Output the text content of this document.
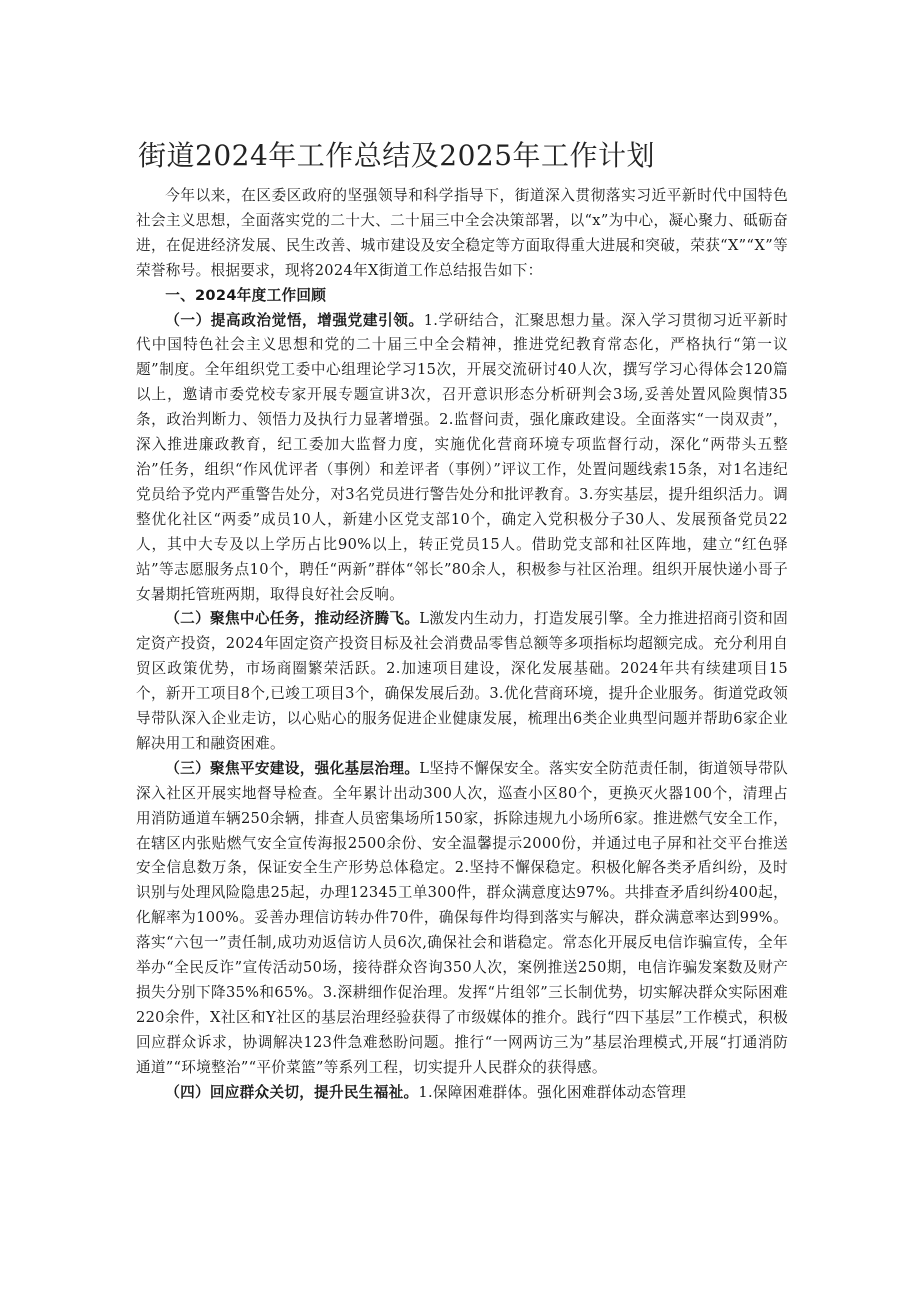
街道2024年工作总结及2025年工作计划

今年以来，在区委区政府的坚强领导和科学指导下，街道深入贯彻落实习近平新时代中国特色社会主义思想，全面落实党的二十大、二十届三中全会决策部署，以“x”为中心，凝心聚力、砥砺奋进，在促进经济发展、民生改善、城市建设及安全稳定等方面取得重大进展和突破，荣获“X”“X”等荣誉称号。根据要求，现将2024年X街道工作总结报告如下：

一、2024年度工作回顾

（一）提高政治觉悟，增强党建引领。1.学研结合，汇聚思想力量。深入学习贯彻习近平新时代中国特色社会主义思想和党的二十届三中全会精神，推进党纪教育常态化，严格执行“第一议题”制度。全年组织党工委中心组理论学习15次，开展交流研讨40人次，撰写学习心得体会120篇以上，邀请市委党校专家开展专题宣讲3次，召开意识形态分析研判会3场,妥善处置风险舆情35条，政治判断力、领悟力及执行力显著增强。2.监督问责，强化廉政建设。全面落实“一岗双责”，深入推进廉政教育，纪工委加大监督力度，实施优化营商环境专项监督行动，深化“两带头五整治”任务，组织“作风优评者（事例）和差评者（事例）”评议工作，处置问题线索15条，对1名违纪党员给予党内严重警告处分，对3名党员进行警告处分和批评教育。3.夯实基层，提升组织活力。调整优化社区“两委”成员10人，新建小区党支部10个，确定入党积极分子30人、发展预备党员22人，其中大专及以上学历占比90%以上，转正党员15人。借助党支部和社区阵地，建立“红色驿站”等志愿服务点10个，聘任“两新”群体“邻长”80余人，积极参与社区治理。组织开展快递小哥子女暑期托管班两期，取得良好社会反响。

（二）聚焦中心任务，推动经济腾飞。L激发内生动力，打造发展引擎。全力推进招商引资和固定资产投资，2024年固定资产投资目标及社会消费品零售总额等多项指标均超额完成。充分利用自贸区政策优势，市场商圈繁荣活跃。2.加速项目建设，深化发展基础。2024年共有续建项目15个，新开工项目8个,已竣工项目3个，确保发展后劲。3.优化营商环境，提升企业服务。街道党政领导带队深入企业走访，以心贴心的服务促进企业健康发展，梳理出6类企业典型问题并帮助6家企业解决用工和融资困难。

（三）聚焦平安建设，强化基层治理。L坚持不懈保安全。落实安全防范责任制，街道领导带队深入社区开展实地督导检查。全年累计出动300人次，巡查小区80个，更换灭火器100个，清理占用消防通道车辆250余辆，排查人员密集场所150家，拆除违规九小场所6家。推进燃气安全工作，在辖区内张贴燃气安全宣传海报2500余份、安全温馨提示2000份，并通过电子屏和社交平台推送安全信息数万条，保证安全生产形势总体稳定。2.坚持不懈保稳定。积极化解各类矛盾纠纷，及时识别与处理风险隐患25起，办理12345工单300件，群众满意度达97%。共排查矛盾纠纷400起，化解率为100%。妥善办理信访转办件70件，确保每件均得到落实与解决，群众满意率达到99%。落实“六包一”责任制,成功劝返信访人员6次,确保社会和谐稳定。常态化开展反电信诈骗宣传，全年举办“全民反诈”宣传活动50场，接待群众咨询350人次，案例推送250期，电信诈骗发案数及财产损失分别下降35%和65%。3.深耕细作促治理。发挥“片组邻”三长制优势，切实解决群众实际困难220余件，X社区和Y社区的基层治理经验获得了市级媒体的推介。践行“四下基层”工作模式，积极回应群众诉求，协调解决123件急难愁盼问题。推行“一网两访三为”基层治理模式,开展“打通消防通道”“环境整治”“平价菜篮”等系列工程，切实提升人民群众的获得感。

（四）回应群众关切，提升民生福祉。1.保障困难群体。强化困难群体动态管理
